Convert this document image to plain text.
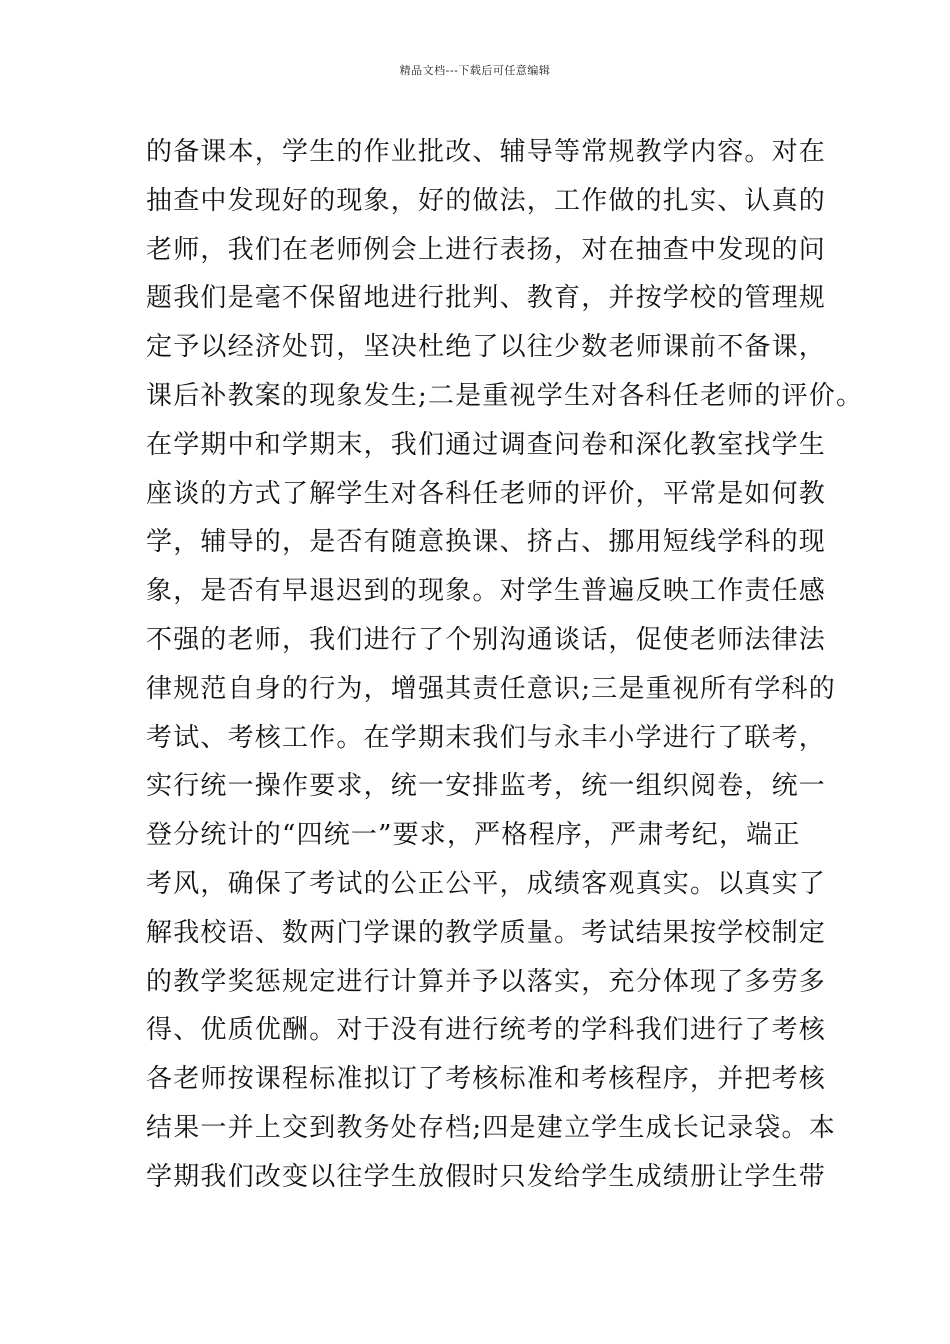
精品文档---下载后可任意编辑
的备课本，学生的作业批改、辅导等常规教学内容。对在
抽查中发现好的现象，好的做法，工作做的扎实、认真的
老师，我们在老师例会上进行表扬，对在抽查中发现的问
题我们是毫不保留地进行批判、教育，并按学校的管理规
定予以经济处罚，坚决杜绝了以往少数老师课前不备课，
课后补教案的现象发生;二是重视学生对各科任老师的评价。
在学期中和学期末，我们通过调查问卷和深化教室找学生
座谈的方式了解学生对各科任老师的评价，平常是如何教
学，辅导的，是否有随意换课、挤占、挪用短线学科的现
象，是否有早退迟到的现象。对学生普遍反映工作责任感
不强的老师，我们进行了个别沟通谈话，促使老师法律法
律规范自身的行为，增强其责任意识;三是重视所有学科的
考试、考核工作。在学期末我们与永丰小学进行了联考，
实行统一操作要求，统一安排监考，统一组织阅卷，统一
登分统计的“四统一”要求，严格程序，严肃考纪，端正
考风，确保了考试的公正公平，成绩客观真实。以真实了
解我校语、数两门学课的教学质量。考试结果按学校制定
的教学奖惩规定进行计算并予以落实，充分体现了多劳多
得、优质优酬。对于没有进行统考的学科我们进行了考核
各老师按课程标准拟订了考核标准和考核程序，并把考核
结果一并上交到教务处存档;四是建立学生成长记录袋。本
学期我们改变以往学生放假时只发给学生成绩册让学生带
